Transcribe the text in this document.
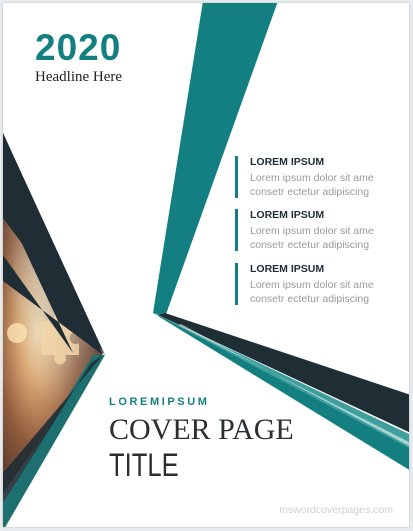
2020

Headline Here

LOREM IPSUM

Lorem ipsum dolor sit ame consetr ectetur adipiscing

LOREM IPSUM

Lorem ipsum dolor sit ame consetr ectetur adipiscing

LOREM IPSUM

Lorem ipsum dolor sit ame consetr ectetur adipiscing

LOREMIPSUM

COVER PAGE

TITLE

mswordcoverpages.com
